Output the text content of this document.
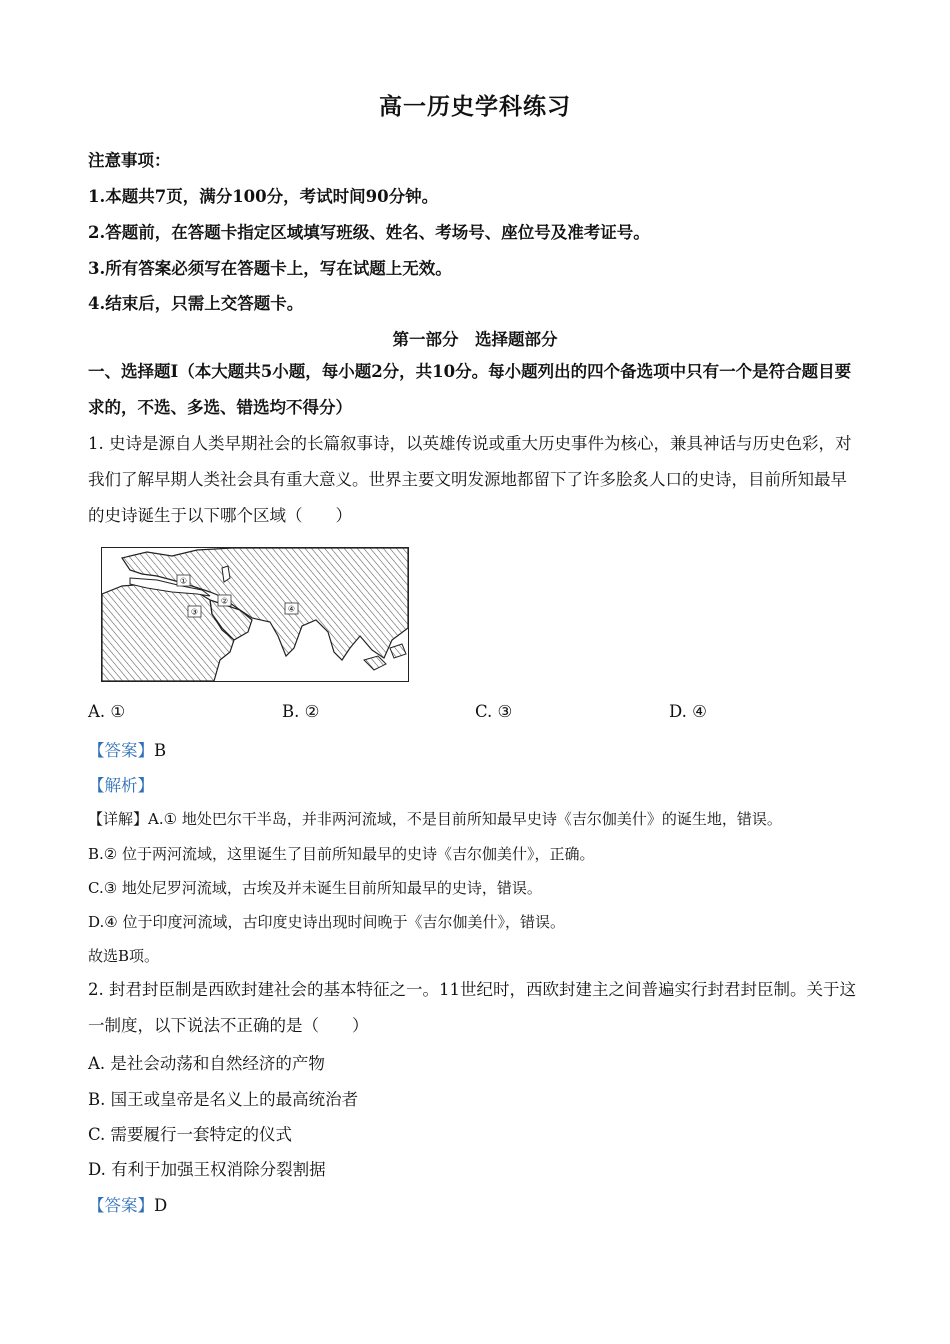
高一历史学科练习
注意事项：
1.本题共7页，满分100分，考试时间90分钟。
2.答题前，在答题卡指定区域填写班级、姓名、考场号、座位号及准考证号。
3.所有答案必须写在答题卡上，写在试题上无效。
4.结束后，只需上交答题卡。
第一部分　选择题部分
一、选择题Ⅰ（本大题共5小题，每小题2分，共10分。每小题列出的四个备选项中只有一个是符合题目要求的，不选、多选、错选均不得分）
1. 史诗是源自人类早期社会的长篇叙事诗，以英雄传说或重大历史事件为核心，兼具神话与历史色彩，对我们了解早期人类社会具有重大意义。世界主要文明发源地都留下了许多脍炙人口的史诗，目前所知最早的史诗诞生于以下哪个区域（　　）
①
②
③	④
A. ①	B. ②	C. ③	D. ④
【答案】B
【解析】
【详解】A.① 地处巴尔干半岛，并非两河流域，不是目前所知最早史诗《吉尔伽美什》的诞生地，错误。
B.② 位于两河流域，这里诞生了目前所知最早的史诗《吉尔伽美什》，正确。
C.③ 地处尼罗河流域，古埃及并未诞生目前所知最早的史诗，错误。
D.④ 位于印度河流域，古印度史诗出现时间晚于《吉尔伽美什》，错误。
故选B项。
2. 封君封臣制是西欧封建社会的基本特征之一。11世纪时，西欧封建主之间普遍实行封君封臣制。关于这一制度，以下说法不正确的是（　　）
A. 是社会动荡和自然经济的产物
B. 国王或皇帝是名义上的最高统治者
C. 需要履行一套特定的仪式
D. 有利于加强王权消除分裂割据
【答案】D
